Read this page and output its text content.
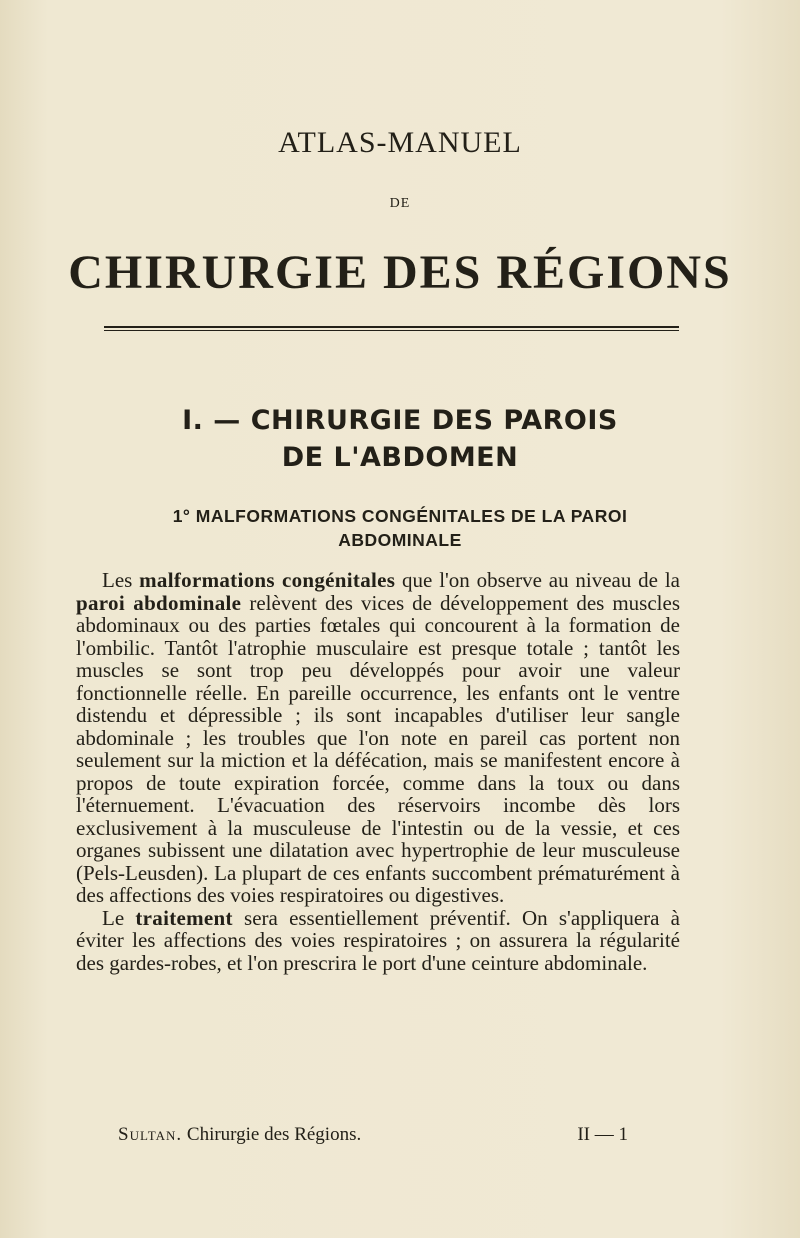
ATLAS-MANUEL
DE
CHIRURGIE DES RÉGIONS
I. — CHIRURGIE DES PAROIS
DE L'ABDOMEN
1° MALFORMATIONS CONGÉNITALES DE LA PAROI
ABDOMINALE

Les malformations congénitales que l'on observe au niveau de la paroi abdominale relèvent des vices de développement des muscles abdominaux ou des parties fœtales qui concourent à la formation de l'ombilic. Tantôt l'atrophie musculaire est presque totale ; tantôt les muscles se sont trop peu développés pour avoir une valeur fonctionnelle réelle. En pareille occurrence, les enfants ont le ventre distendu et dépressible ; ils sont incapables d'utiliser leur sangle abdominale ; les troubles que l'on note en pareil cas portent non seulement sur la miction et la défécation, mais se manifestent encore à propos de toute expiration forcée, comme dans la toux ou dans l'éternuement. L'évacuation des réservoirs incombe dès lors exclusivement à la musculeuse de l'intestin ou de la vessie, et ces organes subissent une dilatation avec hypertrophie de leur musculeuse (Pels-Leusden). La plupart de ces enfants succombent prématurément à des affections des voies respiratoires ou digestives.

Le traitement sera essentiellement préventif. On s'appliquera à éviter les affections des voies respiratoires ; on assurera la régularité des gardes-robes, et l'on prescrira le port d'une ceinture abdominale.

Sultan. Chirurgie des Régions.	II — 1
